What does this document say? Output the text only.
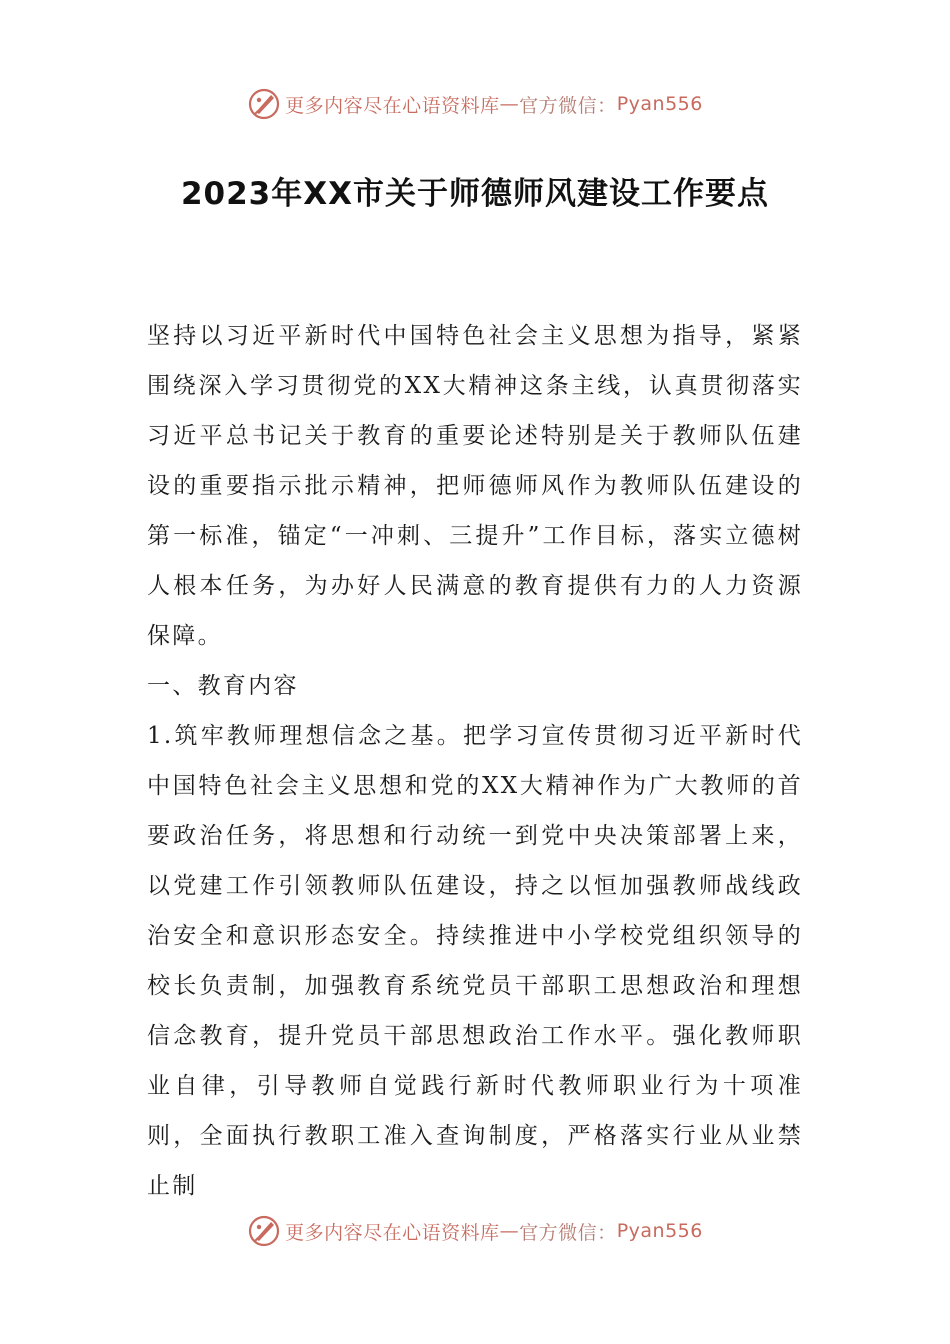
更多内容尽在心语资料库 — 官方微信： Pyan556
2023年XX市关于师德师风建设工作要点

坚持以习近平新时代中国特色社会主义思想为指导，紧紧围绕深入学习贯彻党的XX大精神这条主线，认真贯彻落实习近平总书记关于教育的重要论述特别是关于教师队伍建设的重要指示批示精神，把师德师风作为教师队伍建设的第一标准，锚定“一冲刺、三提升”工作目标，落实立德树人根本任务，为办好人民满意的教育提供有力的人力资源保障。

一、教育内容

1.筑牢教师理想信念之基。把学习宣传贯彻习近平新时代中国特色社会主义思想和党的XX大精神作为广大教师的首要政治任务，将思想和行动统一到党中央决策部署上来，以党建工作引领教师队伍建设，持之以恒加强教师战线政治安全和意识形态安全。持续推进中小学校党组织领导的校长负责制，加强教育系统党员干部职工思想政治和理想信念教育，提升党员干部思想政治工作水平。强化教师职业自律，引导教师自觉践行新时代教师职业行为十项准则，全面执行教职工准入查询制度，严格落实行业从业禁止制

更多内容尽在心语资料库 — 官方微信： Pyan556
